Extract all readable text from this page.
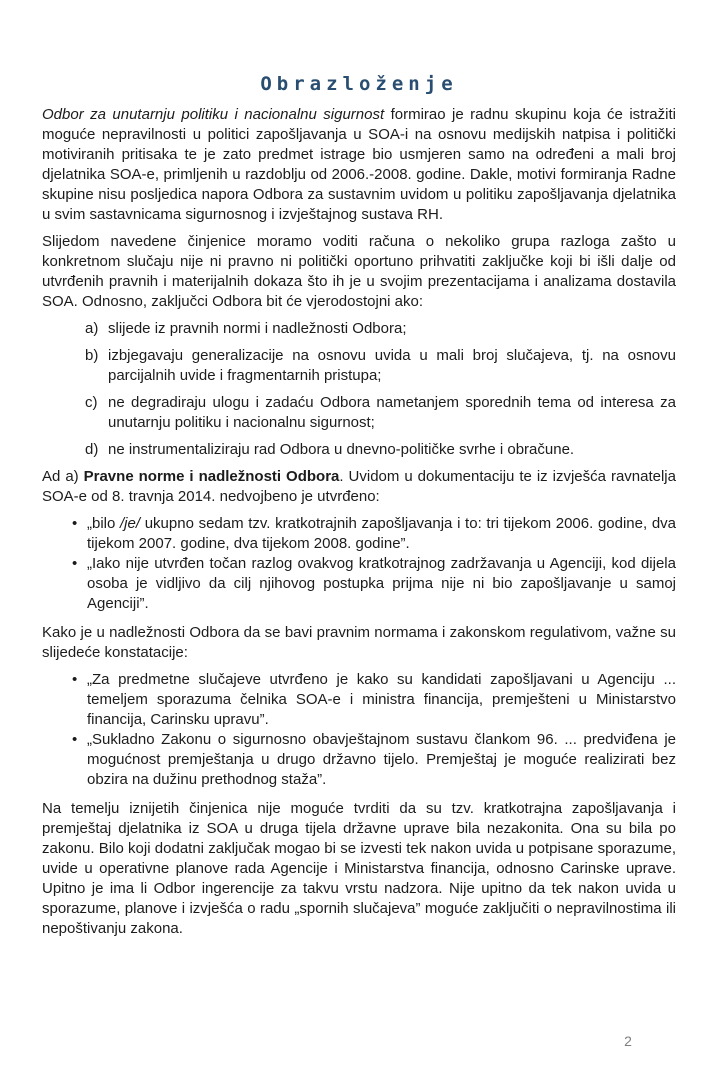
Obrazloženje

Odbor za unutarnju politiku i nacionalnu sigurnost formirao je radnu skupinu koja će istražiti moguće nepravilnosti u politici zapošljavanja u SOA-i na osnovu medijskih natpisa i politički motiviranih pritisaka te je zato predmet istrage bio usmjeren samo na određeni a mali broj djelatnika SOA-e, primljenih u razdoblju od 2006.-2008. godine. Dakle, motivi formiranja Radne skupine nisu posljedica napora Odbora za sustavnim uvidom u politiku zapošljavanja djelatnika u svim sastavnicama sigurnosnog i izvještajnog sustava RH.

Slijedom navedene činjenice moramo voditi računa o nekoliko grupa razloga zašto u konkretnom slučaju nije ni pravno ni politički oportuno prihvatiti zaključke koji bi išli dalje od utvrđenih pravnih i materijalnih dokaza što ih je u svojim prezentacijama i analizama dostavila SOA. Odnosno, zaključci Odbora bit će vjerodostojni ako:

a) slijede iz pravnih normi i nadležnosti Odbora;
b) izbjegavaju generalizacije na osnovu uvida u mali broj slučajeva, tj. na osnovu parcijalnih uvide i fragmentarnih pristupa;
c) ne degradiraju ulogu i zadaću Odbora nametanjem sporednih tema od interesa za unutarnju politiku i nacionalnu sigurnost;
d) ne instrumentaliziraju rad Odbora u dnevno-političke svrhe i obračune.

Ad a) Pravne norme i nadležnosti Odbora. Uvidom u dokumentaciju te iz izvješća ravnatelja SOA-e od 8. travnja 2014. nedvojbeno je utvrđeno:

• „bilo /je/ ukupno sedam tzv. kratkotrajnih zapošljavanja i to: tri tijekom 2006. godine, dva tijekom 2007. godine, dva tijekom 2008. godine”.
• „Iako nije utvrđen točan razlog ovakvog kratkotrajnog zadržavanja u Agenciji, kod dijela osoba je vidljivo da cilj njihovog postupka prijma nije ni bio zapošljavanje u samoj Agenciji”.

Kako je u nadležnosti Odbora da se bavi pravnim normama i zakonskom regulativom, važne su slijedeće konstatacije:

• „Za predmetne slučajeve utvrđeno je kako su kandidati zapošljavani u Agenciju ... temeljem sporazuma čelnika SOA-e i ministra financija, premješteni u Ministarstvo financija, Carinsku upravu”.
• „Sukladno Zakonu o sigurnosno obavještajnom sustavu člankom 96. ... predviđena je mogućnost premještanja u drugo državno tijelo. Premještaj je moguće realizirati bez obzira na dužinu prethodnog staža”.

Na temelju iznijetih činjenica nije moguće tvrditi da su tzv. kratkotrajna zapošljavanja i premještaj djelatnika iz SOA u druga tijela državne uprave bila nezakonita. Ona su bila po zakonu. Bilo koji dodatni zaključak mogao bi se izvesti tek nakon uvida u potpisane sporazume, uvide u operativne planove rada Agencije i Ministarstva financija, odnosno Carinske uprave. Upitno je ima li Odbor ingerencije za takvu vrstu nadzora. Nije upitno da tek nakon uvida u sporazume, planove i izvješća o radu „spornih slučajeva” moguće zaključiti o nepravilnostima ili nepoštivanju zakona.

2
